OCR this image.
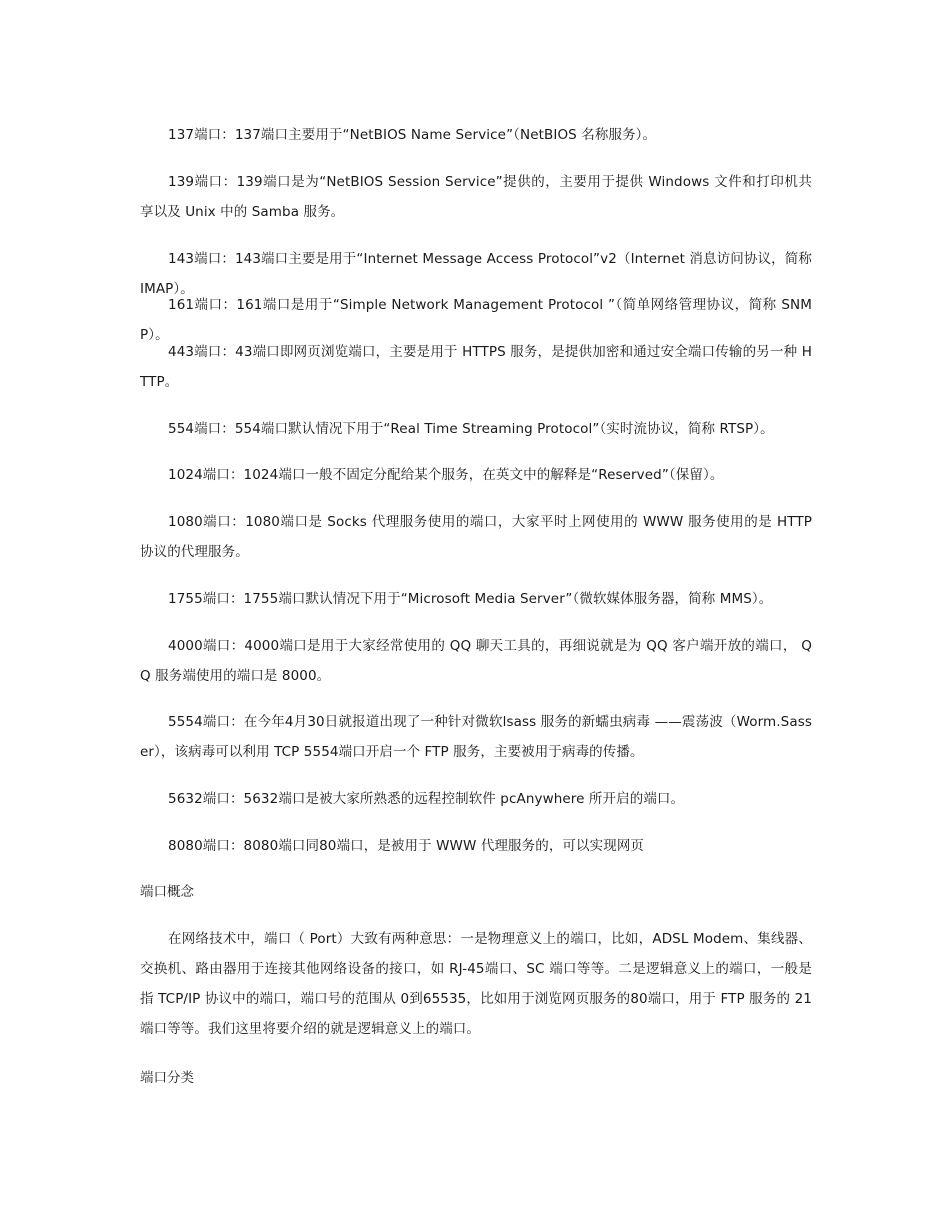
137端口：137端口主要用于“NetBIOS Name Service”（NetBIOS 名称服务）。

139端口：139端口是为“NetBIOS Session Service”提供的，主要用于提供 Windows 文件和打印机共享以及 Unix 中的 Samba 服务。

143端口：143端口主要是用于“Internet Message Access Protocol”v2（Internet 消息访问协议，简称 IMAP）。

161端口：161端口是用于“Simple Network Management Protocol ”（简单网络管理协议，简称 SNMP）。

443端口：43端口即网页浏览端口，主要是用于 HTTPS 服务，是提供加密和通过安全端口传输的另一种 HTTP。

554端口：554端口默认情况下用于“Real Time Streaming Protocol”（实时流协议，简称 RTSP）。

1024端口：1024端口一般不固定分配给某个服务，在英文中的解释是“Reserved”（保留）。

1080端口：1080端口是 Socks 代理服务使用的端口，大家平时上网使用的 WWW 服务使用的是 HTTP 协议的代理服务。

1755端口：1755端口默认情况下用于“Microsoft Media Server”（微软媒体服务器，简称 MMS）。

4000端口：4000端口是用于大家经常使用的 QQ 聊天工具的，再细说就是为 QQ 客户端开放的端口， QQ 服务端使用的端口是 8000。

5554端口：在今年4月30日就报道出现了一种针对微软lsass 服务的新蠕虫病毒 ——震荡波（Worm.Sasser），该病毒可以利用 TCP 5554端口开启一个 FTP 服务，主要被用于病毒的传播。

5632端口：5632端口是被大家所熟悉的远程控制软件 pcAnywhere 所开启的端口。

8080端口：8080端口同80端口，是被用于 WWW 代理服务的，可以实现网页

端口概念

在网络技术中，端口（ Port）大致有两种意思：一是物理意义上的端口，比如，ADSL Modem、集线器、交换机、路由器用于连接其他网络设备的接口，如 RJ-45端口、SC 端口等等。二是逻辑意义上的端口，一般是指 TCP/IP 协议中的端口，端口号的范围从 0到65535，比如用于浏览网页服务的80端口，用于 FTP 服务的 21端口等等。我们这里将要介绍的就是逻辑意义上的端口。

端口分类
